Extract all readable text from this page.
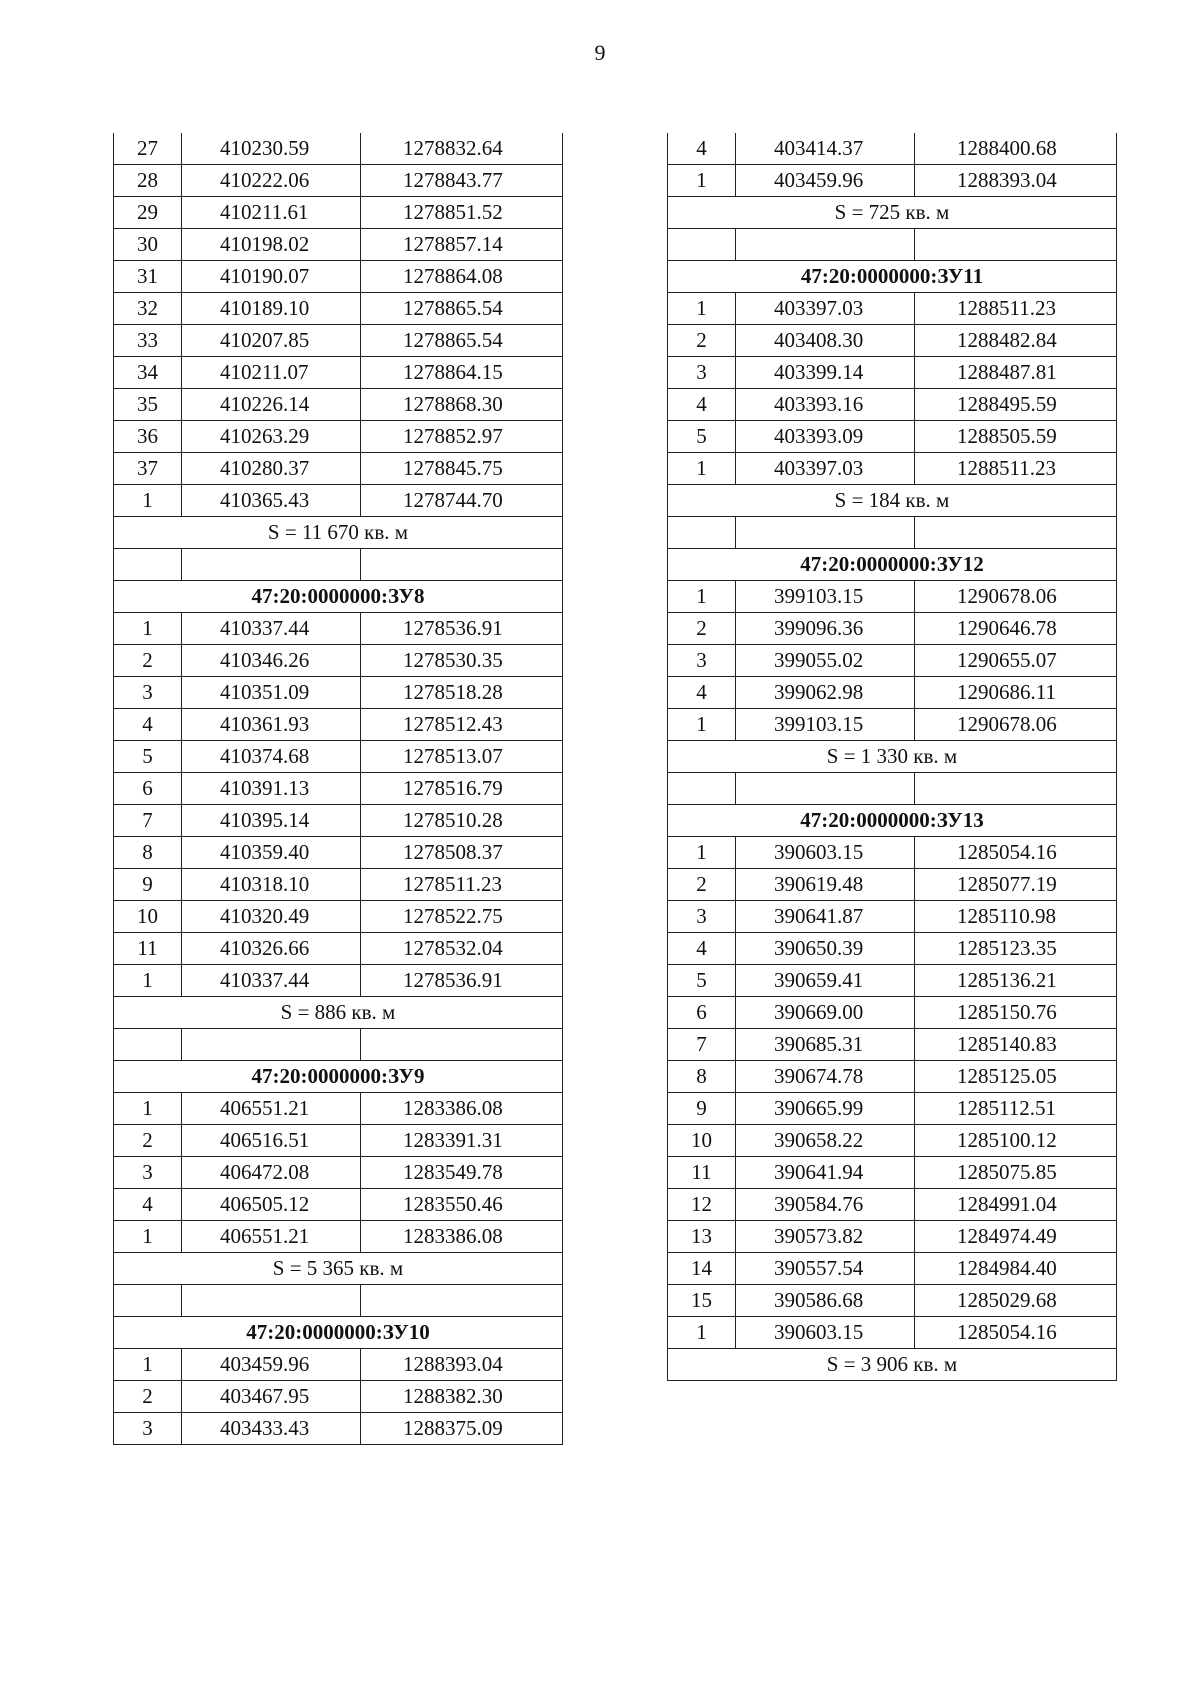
9
27	410230.59	1278832.64
28	410222.06	1278843.77
29	410211.61	1278851.52
30	410198.02	1278857.14
31	410190.07	1278864.08
32	410189.10	1278865.54
33	410207.85	1278865.54
34	410211.07	1278864.15
35	410226.14	1278868.30
36	410263.29	1278852.97
37	410280.37	1278845.75
1	410365.43	1278744.70
S = 11 670 кв. м		

47:20:0000000:ЗУ8		
1	410337.44	1278536.91
2	410346.26	1278530.35
3	410351.09	1278518.28
4	410361.93	1278512.43
5	410374.68	1278513.07
6	410391.13	1278516.79
7	410395.14	1278510.28
8	410359.40	1278508.37
9	410318.10	1278511.23
10	410320.49	1278522.75
11	410326.66	1278532.04
1	410337.44	1278536.91
S = 886 кв. м		

47:20:0000000:ЗУ9		
1	406551.21	1283386.08
2	406516.51	1283391.31
3	406472.08	1283549.78
4	406505.12	1283550.46
1	406551.21	1283386.08
S = 5 365 кв. м		

47:20:0000000:ЗУ10		
1	403459.96	1288393.04
2	403467.95	1288382.30
3	403433.43	1288375.09
4	403414.37	1288400.68
1	403459.96	1288393.04
S = 725 кв. м		

47:20:0000000:ЗУ11		
1	403397.03	1288511.23
2	403408.30	1288482.84
3	403399.14	1288487.81
4	403393.16	1288495.59
5	403393.09	1288505.59
1	403397.03	1288511.23
S = 184 кв. м		

47:20:0000000:ЗУ12		
1	399103.15	1290678.06
2	399096.36	1290646.78
3	399055.02	1290655.07
4	399062.98	1290686.11
1	399103.15	1290678.06
S = 1 330 кв. м		

47:20:0000000:ЗУ13		
1	390603.15	1285054.16
2	390619.48	1285077.19
3	390641.87	1285110.98
4	390650.39	1285123.35
5	390659.41	1285136.21
6	390669.00	1285150.76
7	390685.31	1285140.83
8	390674.78	1285125.05
9	390665.99	1285112.51
10	390658.22	1285100.12
11	390641.94	1285075.85
12	390584.76	1284991.04
13	390573.82	1284974.49
14	390557.54	1284984.40
15	390586.68	1285029.68
1	390603.15	1285054.16
S = 3 906 кв. м		
